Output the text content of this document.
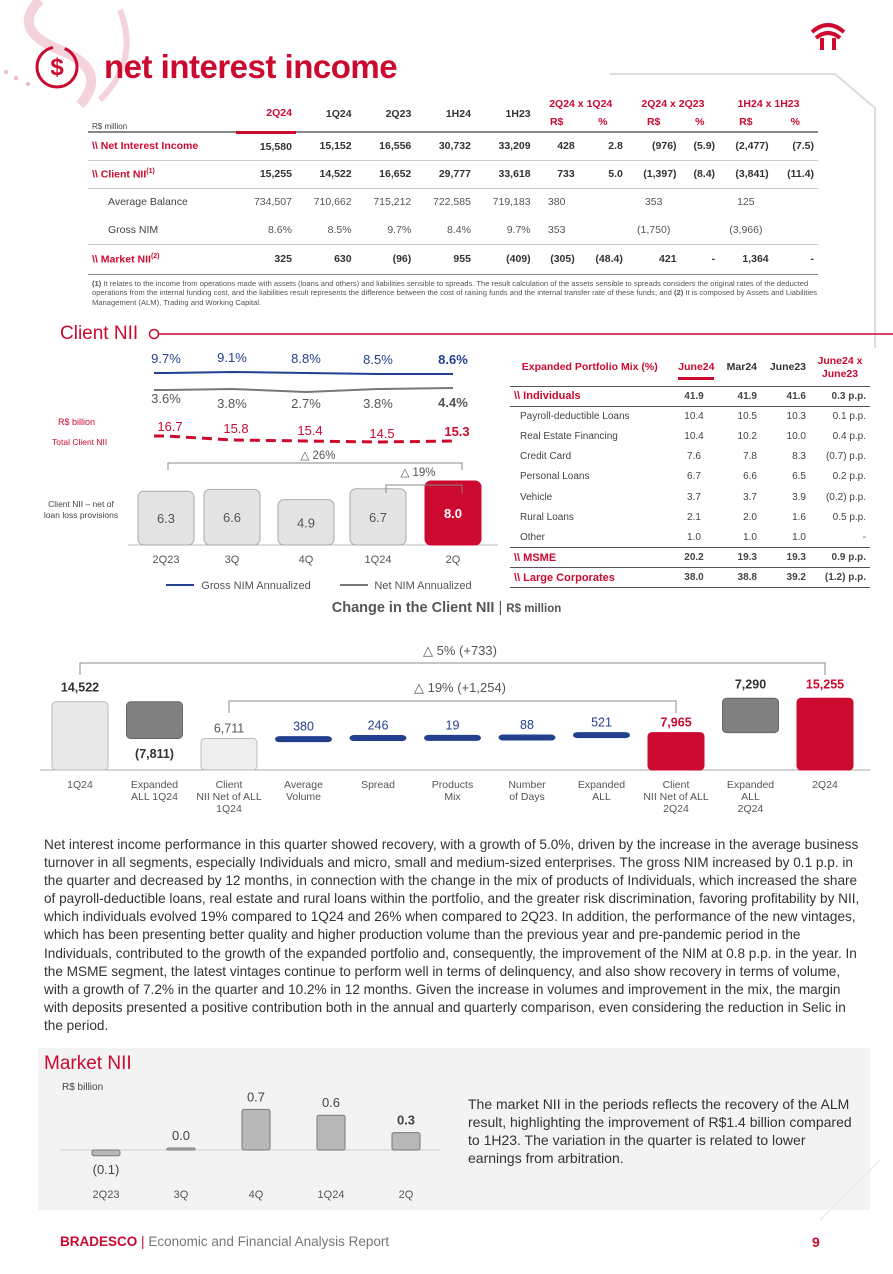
$ net interest income
R$ million	2Q24	1Q24	2Q23	1H24	1H23	2Q24 x 1Q24		2Q24 x 2Q23		1H24 x 1H23	
						R$	%	R$	%	R$	%
\\ Net Interest Income	15,580	15,152	16,556	30,732	33,209	428	2.8	(976)	(5.9)	(2,477)	(7.5)
\\ Client NII$^{(1)}$	15,255	14,522	16,652	29,777	33,618	733	5.0	(1,397)	(8.4)	(3,841)	(11.4)
Average Balance	734,507	710,662	715,212	722,585	719,183	380		353		125	
Gross NIM	8.6%	8.5%	9.7%	8.4%	9.7%	353		(1,750)		(3,966)	
\\ Market NII$^{(2)}$	325	630	(96)	955	(409)	(305)	(48.4)	421	-	1,364	-
(1) It relates to the income from operations made with assets (loans and others) and liabilities sensible to spreads. The result calculation of the assets sensible to spreads considers the original rates of the deducted operations from the internal funding cost, and the liabilities result represents the difference between the cost of raising funds and the internal transfer rate of these funds; and (2) It is composed by Assets and Liabilities Management (ALM), Trading and Working Capital.
Client NII
R$ billion
Total Client NII
Client NII – net of loan loss provisions	6.3
2Q23
6.6
3Q
4.9
4Q
6.7
1Q24
8.0
2Q
9.7%	9.1%	8.8%	8.5%	8.6%
3.6%	3.8%	2.7%	3.8%	4.4%
16.7	15.8	15.4	14.5	15.3
△ 26%
△ 19%
Gross NIM Annualized	Net NIM Annualized
Expanded Portfolio Mix (%)	June24	Mar24	June23	June24 x June23
\\ Individuals	41.9	41.9	41.6	0.3 p.p.
Payroll-deductible Loans	10.4	10.5	10.3	0.1 p.p.
Real Estate Financing	10.4	10.2	10.0	0.4 p.p.
Credit Card	7.6	7.8	8.3	(0.7) p.p.
Personal Loans	6.7	6.6	6.5	0.2 p.p.
Vehicle	3.7	3.7	3.9	(0.2) p.p.
Rural Loans	2.1	2.0	1.6	0.5 p.p.
Other	1.0	1.0	1.0	-
\\ MSME	20.2	19.3	19.3	0.9 p.p.
\\ Large Corporates	38.0	38.8	39.2	(1.2) p.p.
Change in the Client NII | R$ million
14,522
1Q24
(7,811)
Expanded ALL 1Q24
6,711
Client NII Net of ALL 1Q24
380
Average Volume
246
Spread
19
Products Mix
88
Number of Days
521
Expanded ALL
7,965
Client NII Net of ALL 2Q24
7,290
Expanded ALL 2Q24
15,255
2Q24
△ 5% (+733)
△ 19% (+1,254)
Net interest income performance in this quarter showed recovery, with a growth of 5.0%, driven by the increase in the average business turnover in all segments, especially Individuals and micro, small and medium-sized enterprises. The gross NIM increased by 0.1 p.p. in the quarter and decreased by 12 months, in connection with the change in the mix of products of Individuals, which increased the share of payroll-deductible loans, real estate and rural loans within the portfolio, and the greater risk discrimination, favoring profitability by NII, which individuals evolved 19% compared to 1Q24 and 26% when compared to 2Q23. In addition, the performance of the new vintages, which has been presenting better quality and higher production volume than the previous year and pre-pandemic period in the Individuals, contributed to the growth of the expanded portfolio and, consequently, the improvement of the NIM at 0.8 p.p. in the year. In the MSME segment, the latest vintages continue to perform well in terms of delinquency, and also show recovery in terms of volume, with a growth of 7.2% in the quarter and 10.2% in 12 months. Given the increase in volumes and improvement in the mix, the margin with deposits presented a positive contribution both in the annual and quarterly comparison, even considering the reduction in Selic in the period.
Market NII
R$ billion
(0.1)
2Q23
0.0
3Q
0.7
4Q
0.6
1Q24
0.3
2Q
The market NII in the periods reflects the recovery of the ALM result, highlighting the improvement of R$1.4 billion compared to 1H23. The variation in the quarter is related to lower earnings from arbitration.
BRADESCO | Economic and Financial Analysis Report	9
